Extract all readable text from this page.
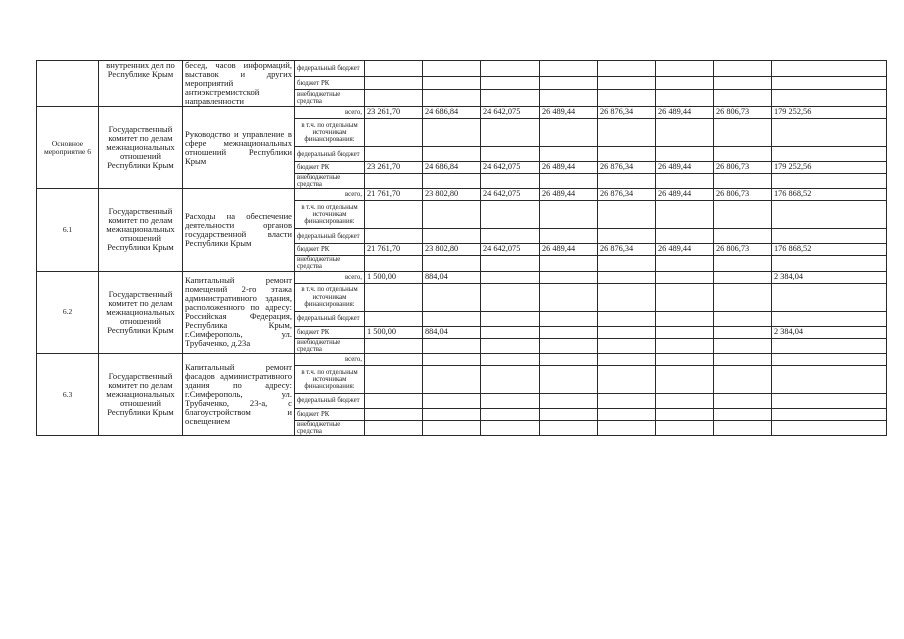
	внутренних дел по Республике Крым	бесед, часов информаций, выставок и других мероприятий антиэкстремистской направленности	федеральный бюджет								
			бюджет РК								
			внебюджетные средства								
Основное мероприятие 6	Государственный комитет по делам межнациональных отношений Республики Крым	Руководство и управление в сфере межнациональных отношений Республики Крым	всего,	23 261,70	24 686,84	24 642,075	26 489,44	26 876,34	26 489,44	26 806,73	179 252,56
			в т.ч. по отдельным источникам финансирования:								
			федеральный бюджет								
			бюджет РК	23 261,70	24 686,84	24 642,075	26 489,44	26 876,34	26 489,44	26 806,73	179 252,56
			внебюджетные средства								
6.1	Государственный комитет по делам межнациональных отношений Республики Крым	Расходы на обеспечение деятельности органов государственной власти Республики Крым	всего,	21 761,70	23 802,80	24 642,075	26 489,44	26 876,34	26 489,44	26 806,73	176 868,52
			в т.ч. по отдельным источникам финансирования:								
			федеральный бюджет								
			бюджет РК	21 761,70	23 802,80	24 642,075	26 489,44	26 876,34	26 489,44	26 806,73	176 868,52
			внебюджетные средства								
6.2	Государственный комитет по делам межнациональных отношений Республики Крым	Капитальный ремонт помещений 2-го этажа административного здания, расположенного по адресу: Российская Федерация, Республика Крым, г.Симферополь, ул. Трубаченко, д.23а	всего,	1 500,00	884,04						2 384,04
			в т.ч. по отдельным источникам финансирования:								
			федеральный бюджет								
			бюджет РК	1 500,00	884,04						2 384,04
			внебюджетные средства								
6.3	Государственный комитет по делам межнациональных отношений Республики Крым	Капитальный ремонт фасадов административного здания по адресу: г.Симферополь, ул. Трубаченко, 23-а, с благоустройством и освещением	всего,								
			в т.ч. по отдельным источникам финансирования:								
			федеральный бюджет								
			бюджет РК								
			внебюджетные средства								
